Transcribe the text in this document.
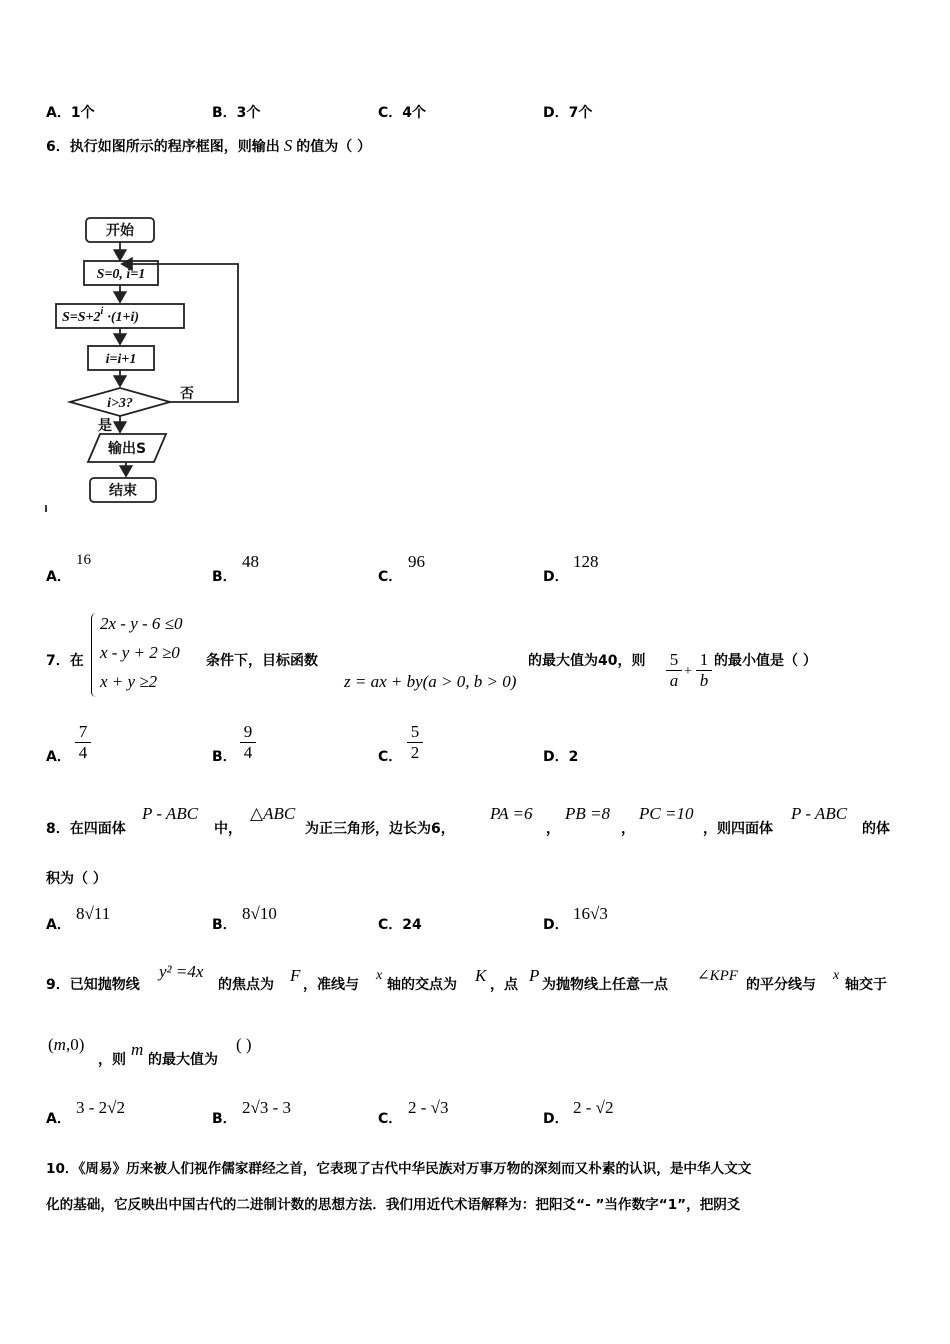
A．1个	B．3个	C．4个	D．7个
6．执行如图所示的程序框图，则输出 S 的值为（ ）
开始
S=0, i=1
$S=S+2^i \cdot(1+i)$
i=i+1
i>3?
否
是
输出S
结束
A．
16
B．
48
C．
96
D．
128
7．在
2x - y - 6 ≤0
x - y + 2 ≥0
x + y ≥2
条件下，目标函数
z = ax + by(a > 0, b > 0)
的最大值为40，则 5
a +
1
b
的最小值是（ ）
A．
7
4	B．
9
4	C．
5
2	D．2
8．在四面体
P - ABC
中，
△ABC
为正三角形，边长为6，
PA =6
，
PB =8
，
PC =10
，则四面体
P - ABC
的体
积为（ ）
A．
8√11
B．
8√10
C．24	D．
16√3
9．已知抛物线
y² =4x
的焦点为 F ，准线与
x
轴的交点为 K ，点 P 为抛物线上任意一点
∠KPF
的平分线与
x
轴交于
(m,0)
，则
m
的最大值为
( )
A．
3 - 2√2
B．
2√3 - 3
C．
2 - √3
D．
2 - √2
10．《周易》历来被人们视作儒家群经之首，它表现了古代中华民族对万事万物的深刻而又朴素的认识，是中华人文文
化的基础，它反映出中国古代的二进制计数的思想方法．我们用近代术语解释为：把阳爻“- ”当作数字“1”，把阴爻
